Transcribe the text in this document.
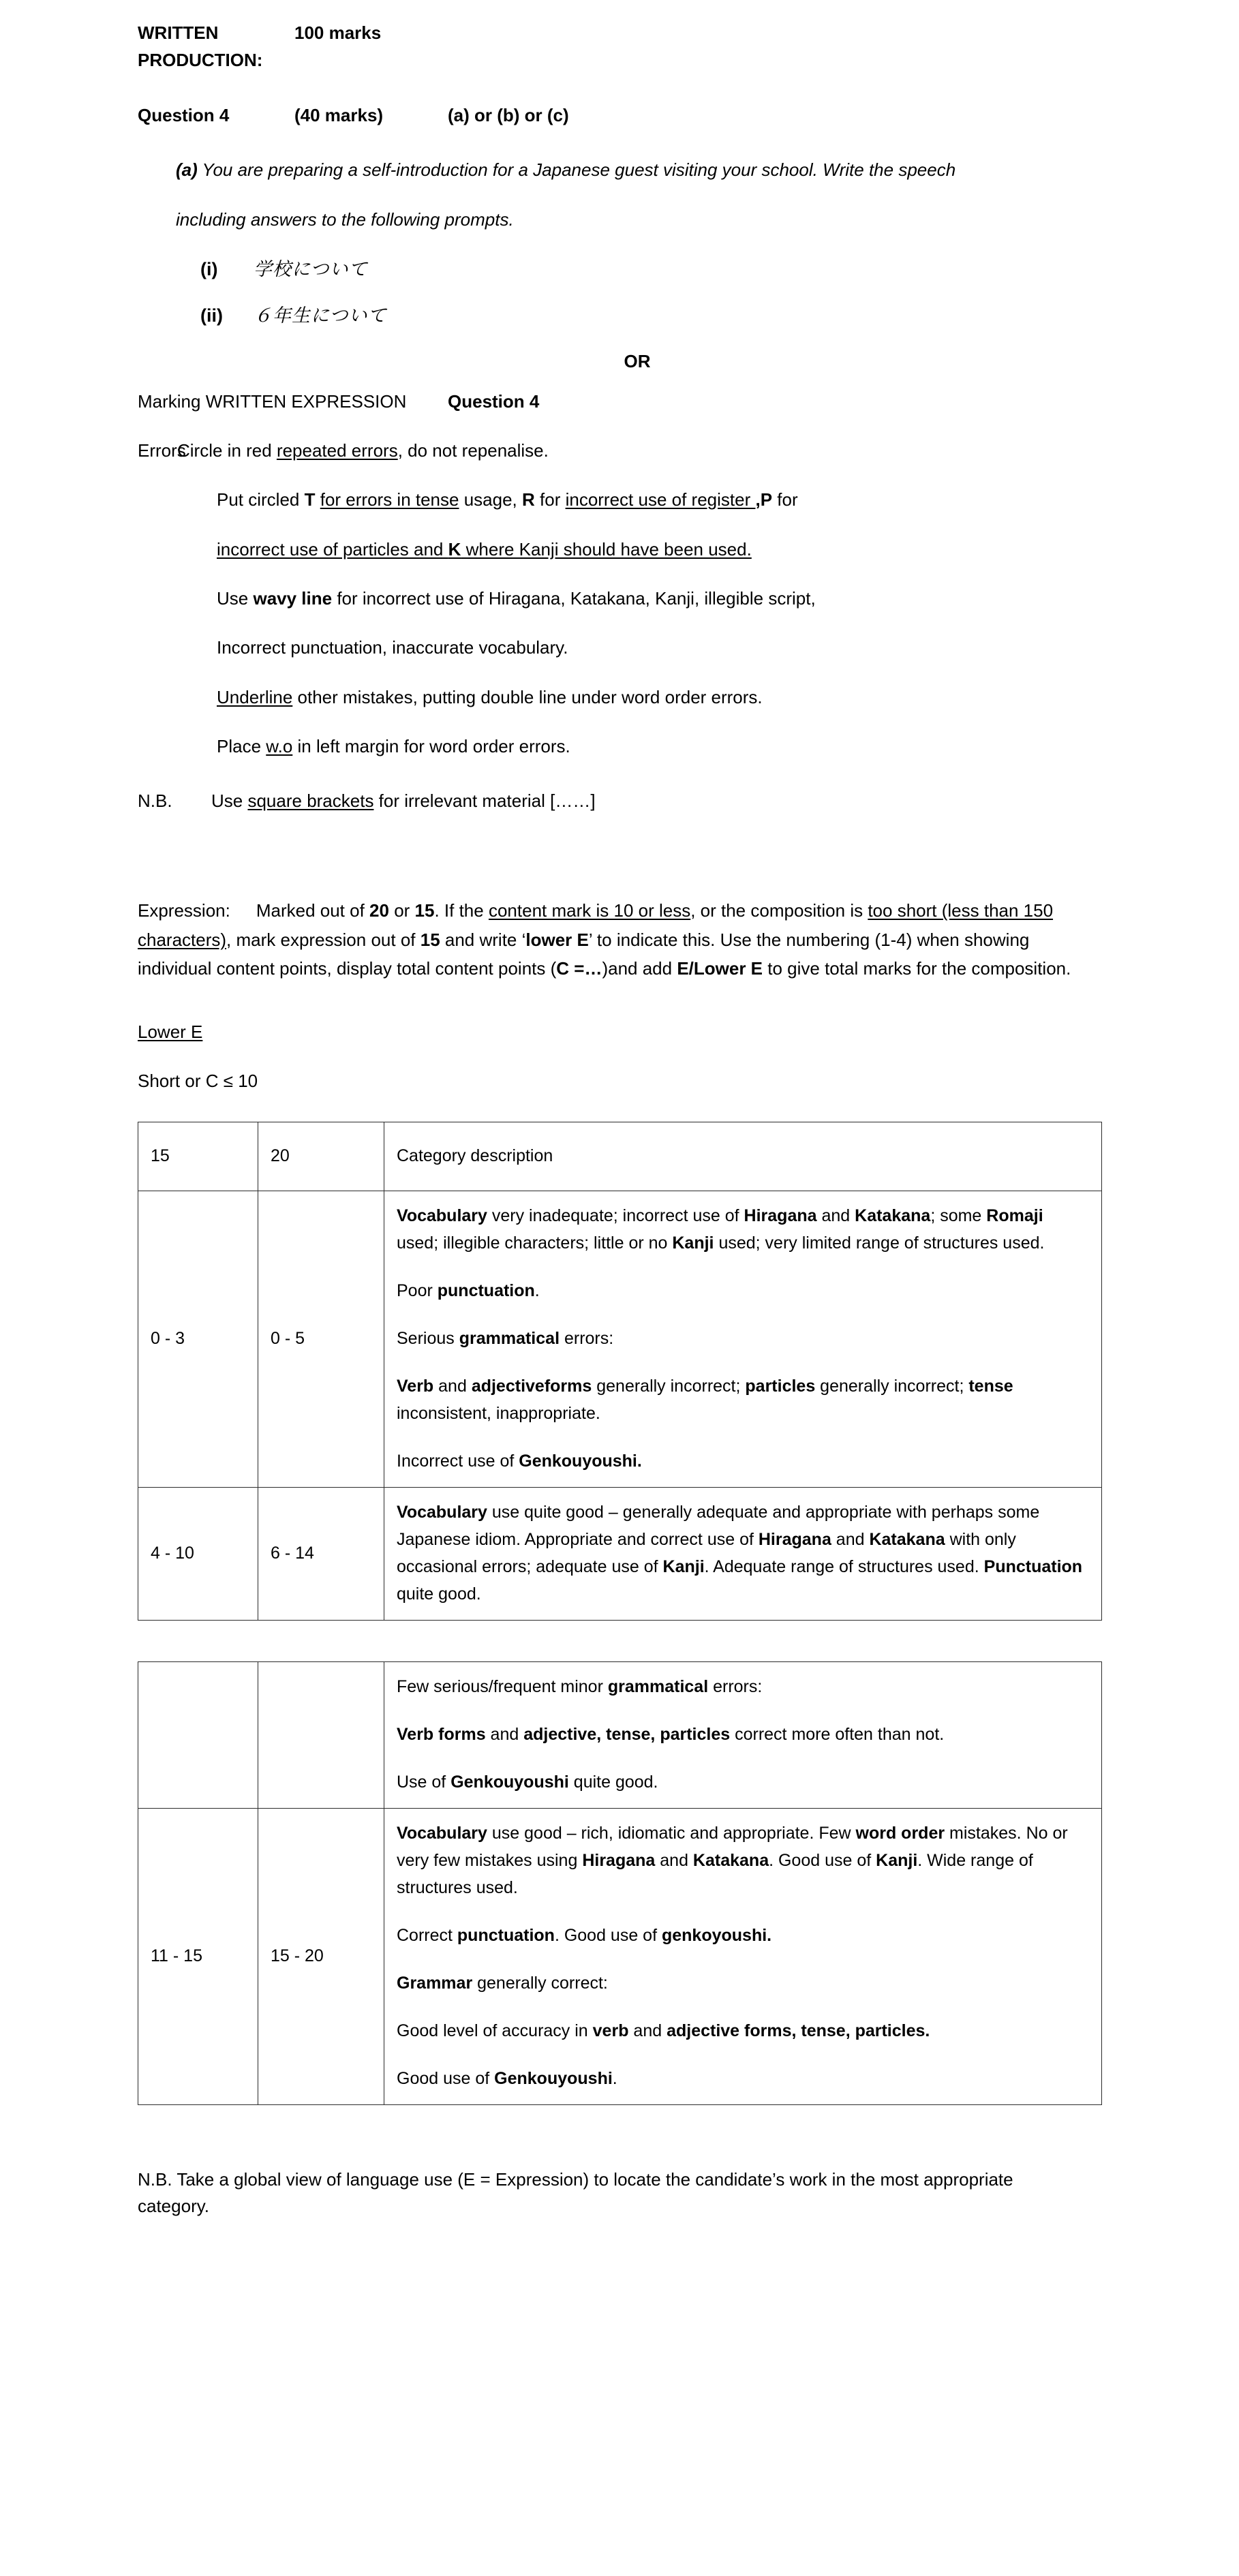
WRITTEN PRODUCTION:
100 marks
Question 4	(40 marks)	(a) or (b) or (c)
(a) You are preparing a self-introduction for a Japanese guest visiting your school. Write the speech
including answers to the following prompts.
(i)	学校について
(ii)	６年生について
OR
Marking WRITTEN EXPRESSION	Question 4
Errors
Circle in red repeated errors, do not repenalise.
Put circled T for errors in tense usage, R for incorrect use of register ,P for
incorrect use of particles and K where Kanji should have been used.
Use wavy line for incorrect use of Hiragana, Katakana, Kanji, illegible script,
Incorrect punctuation, inaccurate vocabulary.
Underline other mistakes, putting double line under word order errors.
Place w.o in left margin for word order errors.
N.B.	Use square brackets for irrelevant material [……]
Expression: Marked out of 20 or 15. If the content mark is 10 or less, or the composition is too short (less than 150 characters), mark expression out of 15 and write ‘lower E’ to indicate this. Use the numbering (1-4) when showing individual content points, display total content points (C =…)and add E/Lower E to give total marks for the composition.
Lower E
Short or C ≤ 10
15	20	Category description
0 - 3	0 - 5	Vocabulary very inadequate; incorrect use of Hiragana and Katakana; some Romaji used; illegible characters; little or no Kanji used; very limited range of structures used.

Poor punctuation.

Serious grammatical errors:

Verb and adjectiveforms generally incorrect; particles generally incorrect; tense inconsistent, inappropriate.

Incorrect use of Genkouyoushi.

4 - 10	6 - 14	Vocabulary use quite good – generally adequate and appropriate with perhaps some Japanese idiom. Appropriate and correct use of Hiragana and Katakana with only occasional errors; adequate use of Kanji. Adequate range of structures used. Punctuation quite good.

		Few serious/frequent minor grammatical errors:

Verb forms and adjective, tense, particles correct more often than not.

Use of Genkouyoushi quite good.

11 - 15	15 - 20	Vocabulary use good – rich, idiomatic and appropriate. Few word order mistakes. No or very few mistakes using Hiragana and Katakana. Good use of Kanji. Wide range of structures used.

Correct punctuation. Good use of genkoyoushi.

Grammar generally correct:

Good level of accuracy in verb and adjective forms, tense, particles.

Good use of Genkouyoushi.

N.B. Take a global view of language use (E = Expression) to locate the candidate’s work in the most appropriate category.
